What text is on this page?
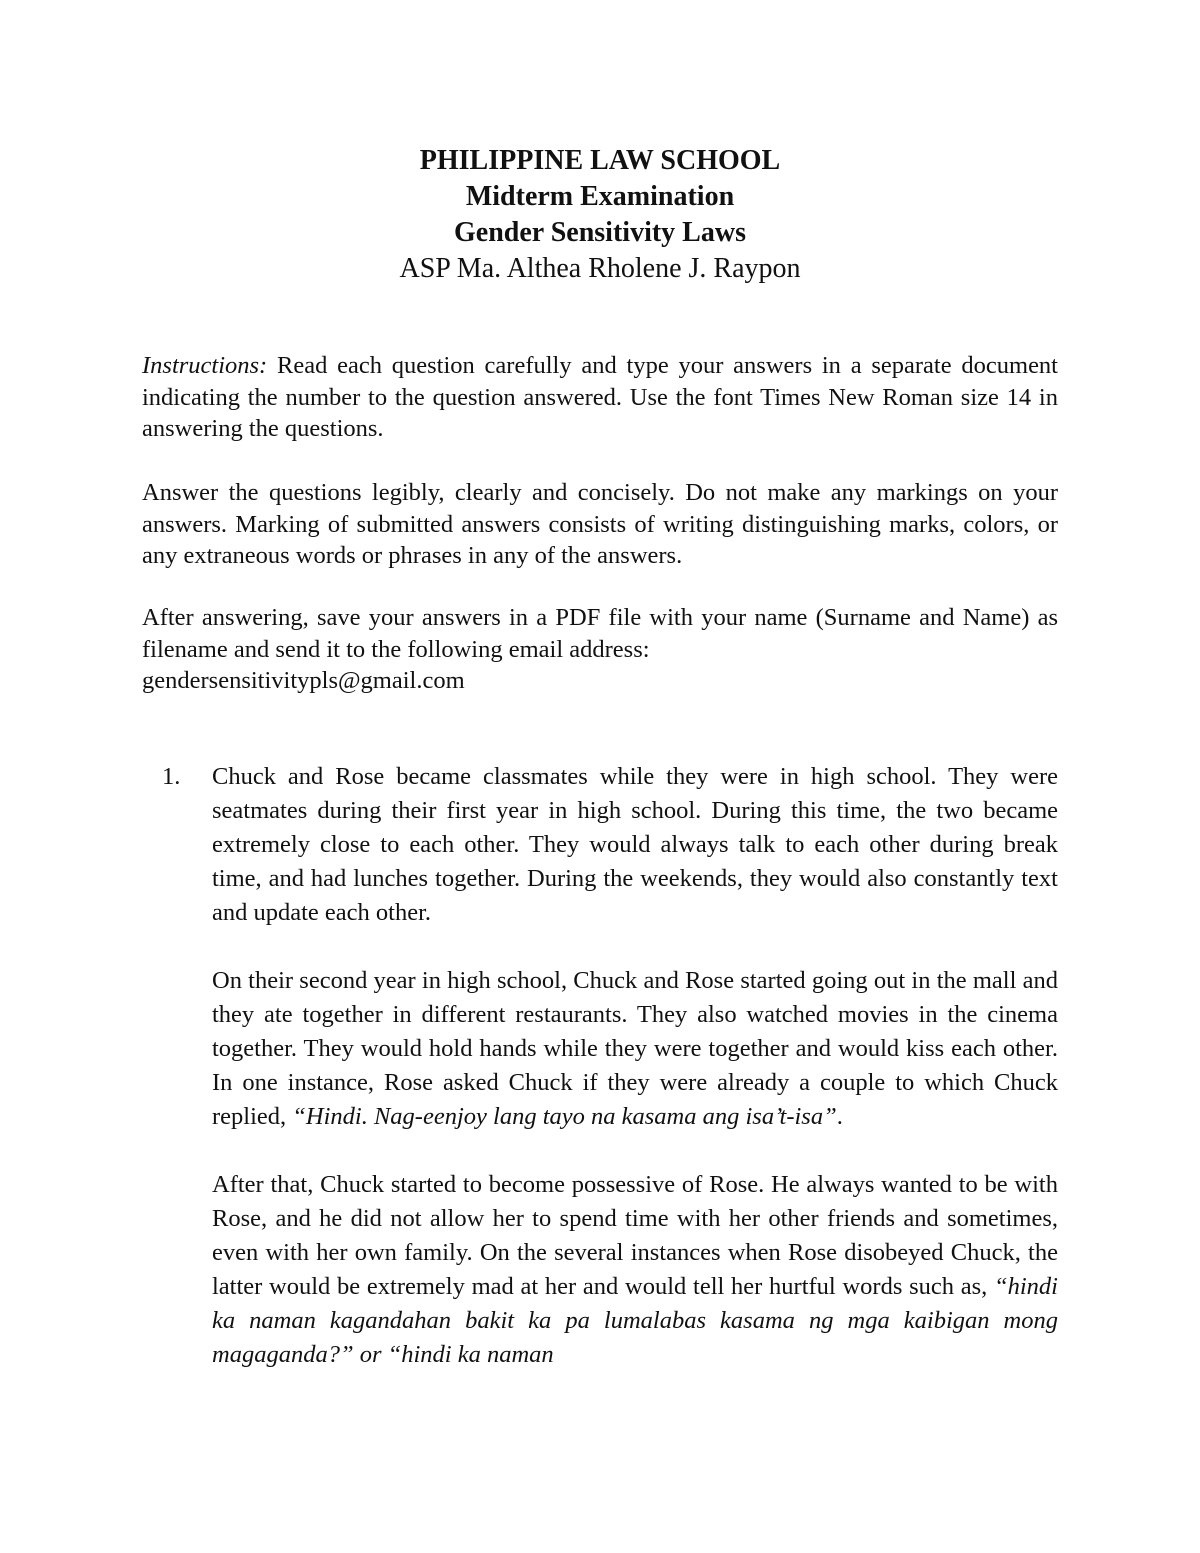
PHILIPPINE LAW SCHOOL
Midterm Examination
Gender Sensitivity Laws
ASP Ma. Althea Rholene J. Raypon
Instructions: Read each question carefully and type your answers in a separate document indicating the number to the question answered. Use the font Times New Roman size 14 in answering the questions.
Answer the questions legibly, clearly and concisely. Do not make any markings on your answers. Marking of submitted answers consists of writing distinguishing marks, colors, or any extraneous words or phrases in any of the answers.
After answering, save your answers in a PDF file with your name (Surname and Name) as filename and send it to the following email address:
gendersensitivitypls@gmail.com
1. Chuck and Rose became classmates while they were in high school. They were seatmates during their first year in high school. During this time, the two became extremely close to each other. They would always talk to each other during break time, and had lunches together. During the weekends, they would also constantly text and update each other.

On their second year in high school, Chuck and Rose started going out in the mall and they ate together in different restaurants. They also watched movies in the cinema together. They would hold hands while they were together and would kiss each other. In one instance, Rose asked Chuck if they were already a couple to which Chuck replied, “Hindi. Nag-eenjoy lang tayo na kasama ang isa’t-isa”.

After that, Chuck started to become possessive of Rose. He always wanted to be with Rose, and he did not allow her to spend time with her other friends and sometimes, even with her own family. On the several instances when Rose disobeyed Chuck, the latter would be extremely mad at her and would tell her hurtful words such as, “hindi ka naman kagandahan bakit ka pa lumalabas kasama ng mga kaibigan mong magaganda?” or “hindi ka naman
